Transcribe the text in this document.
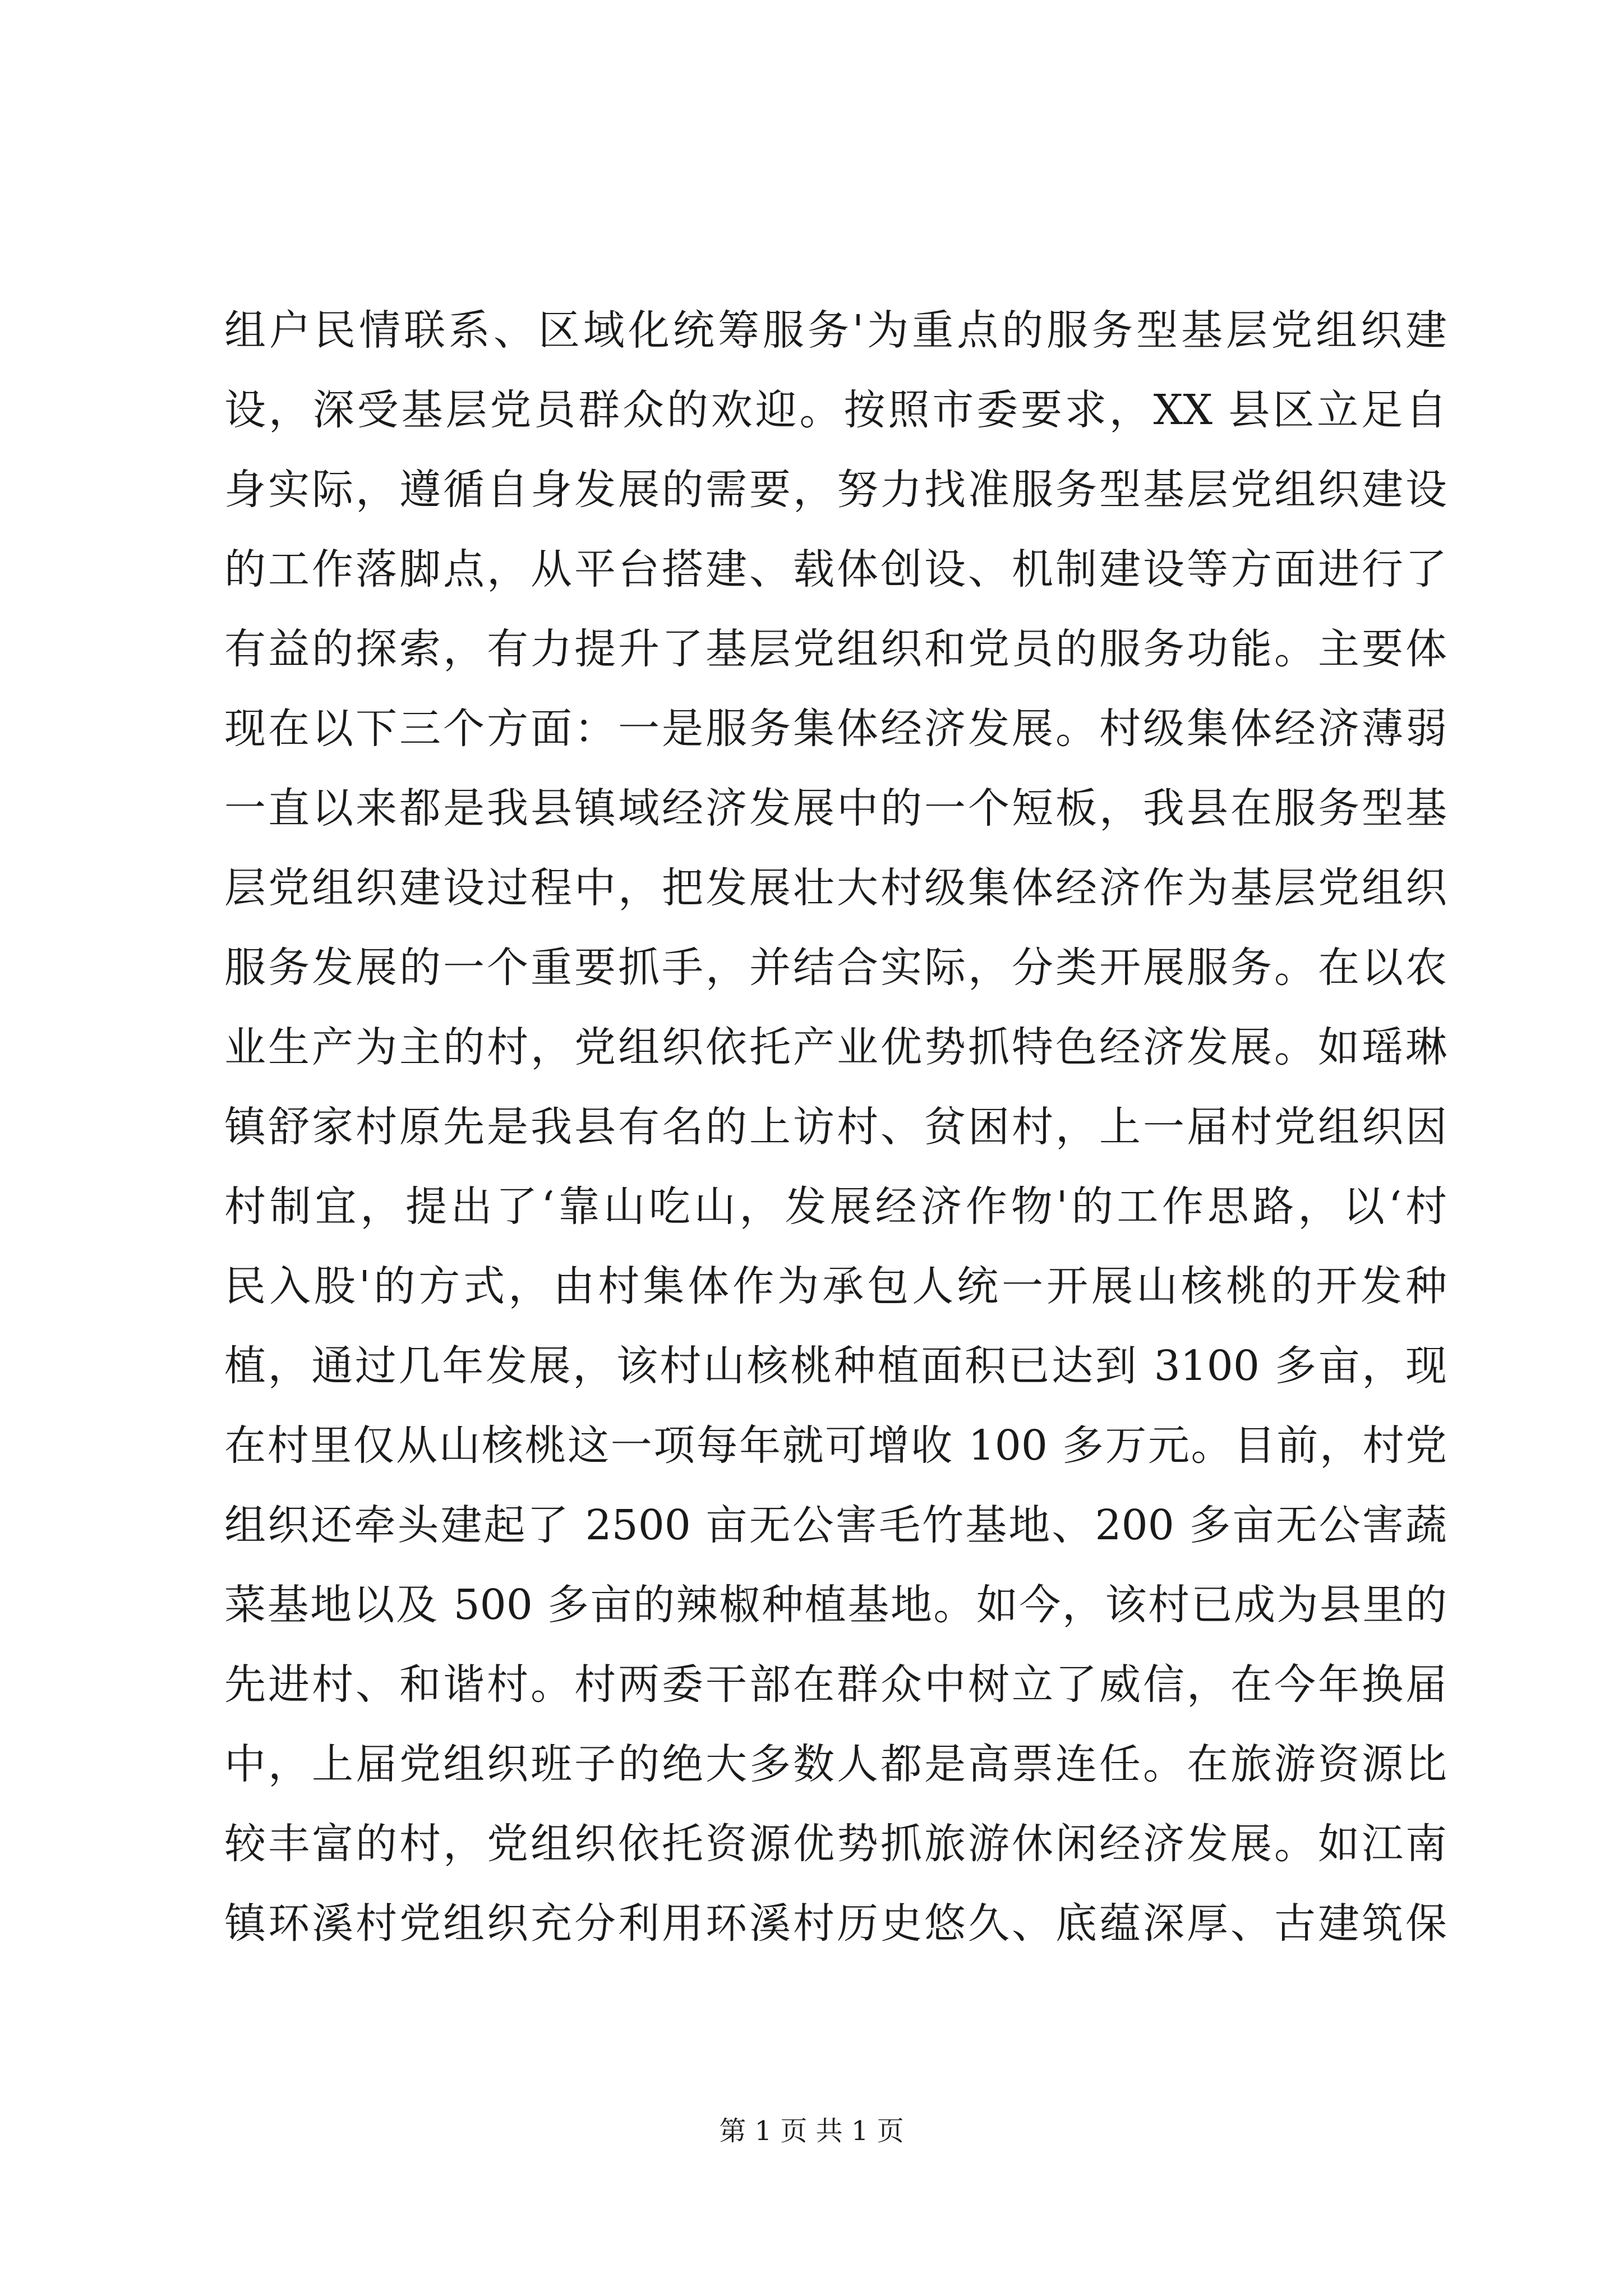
组户民情联系、区域化统筹服务'为重点的服务型基层党组织建
设，深受基层党员群众的欢迎。按照市委要求，XX 县区立足自
身实际，遵循自身发展的需要，努力找准服务型基层党组织建设
的工作落脚点，从平台搭建、载体创设、机制建设等方面进行了
有益的探索，有力提升了基层党组织和党员的服务功能。主要体
现在以下三个方面：一是服务集体经济发展。村级集体经济薄弱
一直以来都是我县镇域经济发展中的一个短板，我县在服务型基
层党组织建设过程中，把发展壮大村级集体经济作为基层党组织
服务发展的一个重要抓手，并结合实际，分类开展服务。在以农
业生产为主的村，党组织依托产业优势抓特色经济发展。如瑶琳
镇舒家村原先是我县有名的上访村、贫困村，上一届村党组织因
村制宜，提出了‘靠山吃山，发展经济作物'的工作思路，以‘村
民入股'的方式，由村集体作为承包人统一开展山核桃的开发种
植，通过几年发展，该村山核桃种植面积已达到 3100 多亩，现
在村里仅从山核桃这一项每年就可增收 100 多万元。目前，村党
组织还牵头建起了 2500 亩无公害毛竹基地、200 多亩无公害蔬
菜基地以及 500 多亩的辣椒种植基地。如今，该村已成为县里的
先进村、和谐村。村两委干部在群众中树立了威信，在今年换届
中，上届党组织班子的绝大多数人都是高票连任。在旅游资源比
较丰富的村，党组织依托资源优势抓旅游休闲经济发展。如江南
镇环溪村党组织充分利用环溪村历史悠久、底蕴深厚、古建筑保
第 1 页 共 1 页
